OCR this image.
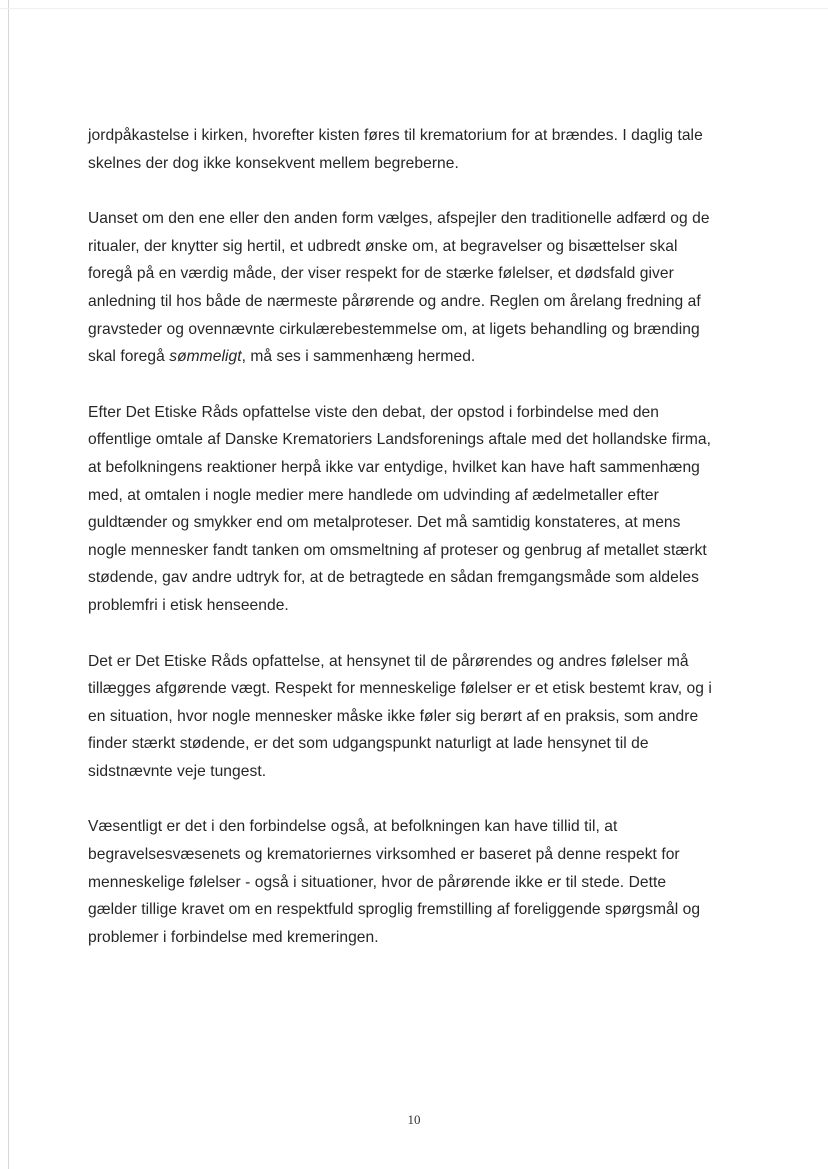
jordpåkastelse i kirken, hvorefter kisten føres til krematorium for at brændes. I daglig tale
skelnes der dog ikke konsekvent mellem begreberne.

Uanset om den ene eller den anden form vælges, afspejler den traditionelle adfærd og de
ritualer, der knytter sig hertil, et udbredt ønske om, at begravelser og bisættelser skal
foregå på en værdig måde, der viser respekt for de stærke følelser, et dødsfald giver
anledning til hos både de nærmeste pårørende og andre. Reglen om årelang fredning af
gravsteder og ovennævnte cirkulærebestemmelse om, at ligets behandling og brænding
skal foregå sømmeligt, må ses i sammenhæng hermed.

Efter Det Etiske Råds opfattelse viste den debat, der opstod i forbindelse med den
offentlige omtale af Danske Krematoriers Landsforenings aftale med det hollandske firma,
at befolkningens reaktioner herpå ikke var entydige, hvilket kan have haft sammenhæng
med, at omtalen i nogle medier mere handlede om udvinding af ædelmetaller efter
guldtænder og smykker end om metalproteser. Det må samtidig konstateres, at mens
nogle mennesker fandt tanken om omsmeltning af proteser og genbrug af metallet stærkt
stødende, gav andre udtryk for, at de betragtede en sådan fremgangsmåde som aldeles
problemfri i etisk henseende.

Det er Det Etiske Råds opfattelse, at hensynet til de pårørendes og andres følelser må
tillægges afgørende vægt. Respekt for menneskelige følelser er et etisk bestemt krav, og i
en situation, hvor nogle mennesker måske ikke føler sig berørt af en praksis, som andre
finder stærkt stødende, er det som udgangspunkt naturligt at lade hensynet til de
sidstnævnte veje tungest.

Væsentligt er det i den forbindelse også, at befolkningen kan have tillid til, at
begravelsesvæsenets og krematoriernes virksomhed er baseret på denne respekt for
menneskelige følelser - også i situationer, hvor de pårørende ikke er til stede. Dette
gælder tillige kravet om en respektfuld sproglig fremstilling af foreliggende spørgsmål og
problemer i forbindelse med kremeringen.

10
